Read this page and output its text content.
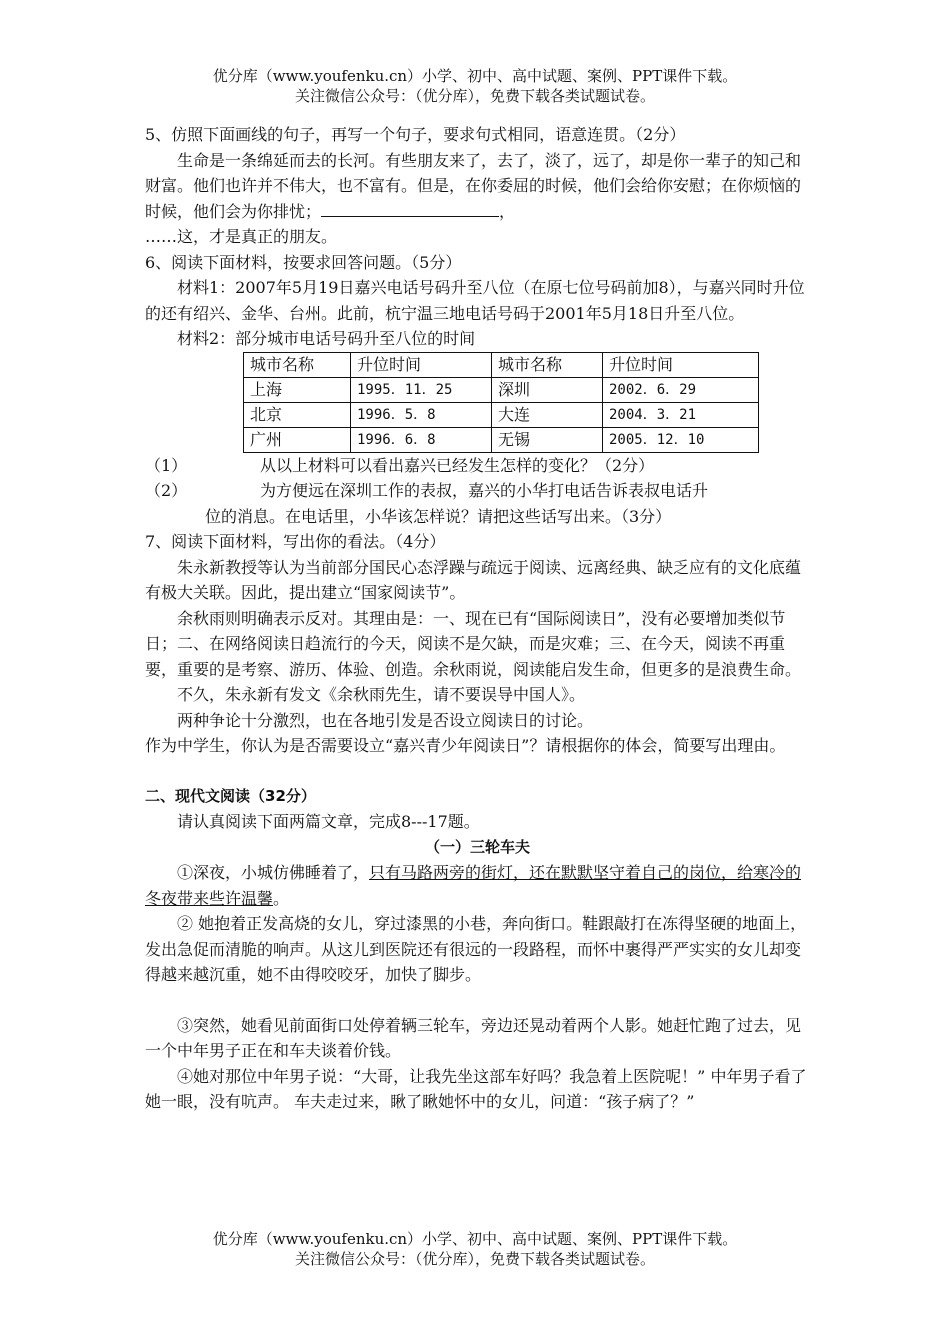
优分库（www.youfenku.cn）小学、初中、高中试题、案例、PPT课件下载。
关注微信公众号：（优分库），免费下载各类试题试卷。

5、仿照下面画线的句子，再写一个句子，要求句式相同，语意连贯。（2分）

生命是一条绵延而去的长河。有些朋友来了，去了，淡了，远了，却是你一辈子的知己和财富。他们也许并不伟大，也不富有。但是，在你委屈的时候，他们会给你安慰；在你烦恼的时候，他们会为你排忧；	，

……这，才是真正的朋友。

6、阅读下面材料，按要求回答问题。（5分）

材料1：2007年5月19日嘉兴电话号码升至八位（在原七位号码前加8），与嘉兴同时升位的还有绍兴、金华、台州。此前，杭宁温三地电话号码于2001年5月18日升至八位。

材料2：部分城市电话号码升至八位的时间

城市名称	升位时间	城市名称	升位时间
上海	1995．11．25	深圳	2002．6．29
北京	1996．5．8	大连	2004．3．21
广州	1996．6．8	无锡	2005．12．10
（1）	从以上材料可以看出嘉兴已经发生怎样的变化？（2分）
（2）	为方便远在深圳工作的表叔，嘉兴的小华打电话告诉表叔电话升

位的消息。在电话里，小华该怎样说？请把这些话写出来。（3分）

7、阅读下面材料，写出你的看法。（4分）

朱永新教授等认为当前部分国民心态浮躁与疏远于阅读、远离经典、缺乏应有的文化底蕴有极大关联。因此，提出建立“国家阅读节”。

余秋雨则明确表示反对。其理由是：一、现在已有“国际阅读日”，没有必要增加类似节日；二、在网络阅读日趋流行的今天，阅读不是欠缺，而是灾难；三、在今天，阅读不再重要，重要的是考察、游历、体验、创造。余秋雨说，阅读能启发生命，但更多的是浪费生命。

不久，朱永新有发文《余秋雨先生，请不要误导中国人》。

两种争论十分激烈，也在各地引发是否设立阅读日的讨论。

作为中学生，你认为是否需要设立“嘉兴青少年阅读日”？请根据你的体会，简要写出理由。

二、现代文阅读（32分）

请认真阅读下面两篇文章，完成8---17题。

（一）三轮车夫

①深夜，小城仿佛睡着了，只有马路两旁的街灯，还在默默坚守着自己的岗位，给寒冷的冬夜带来些许温馨。

② 她抱着正发高烧的女儿，穿过漆黑的小巷，奔向街口。鞋跟敲打在冻得坚硬的地面上，发出急促而清脆的响声。从这儿到医院还有很远的一段路程，而怀中裹得严严实实的女儿却变得越来越沉重，她不由得咬咬牙，加快了脚步。

③突然，她看见前面街口处停着辆三轮车，旁边还晃动着两个人影。她赶忙跑了过去，见一个中年男子正在和车夫谈着价钱。

④她对那位中年男子说：“大哥，让我先坐这部车好吗？我急着上医院呢！” 中年男子看了她一眼，没有吭声。 车夫走过来，瞅了瞅她怀中的女儿，问道：“孩子病了？”

优分库（www.youfenku.cn）小学、初中、高中试题、案例、PPT课件下载。
关注微信公众号：（优分库），免费下载各类试题试卷。
